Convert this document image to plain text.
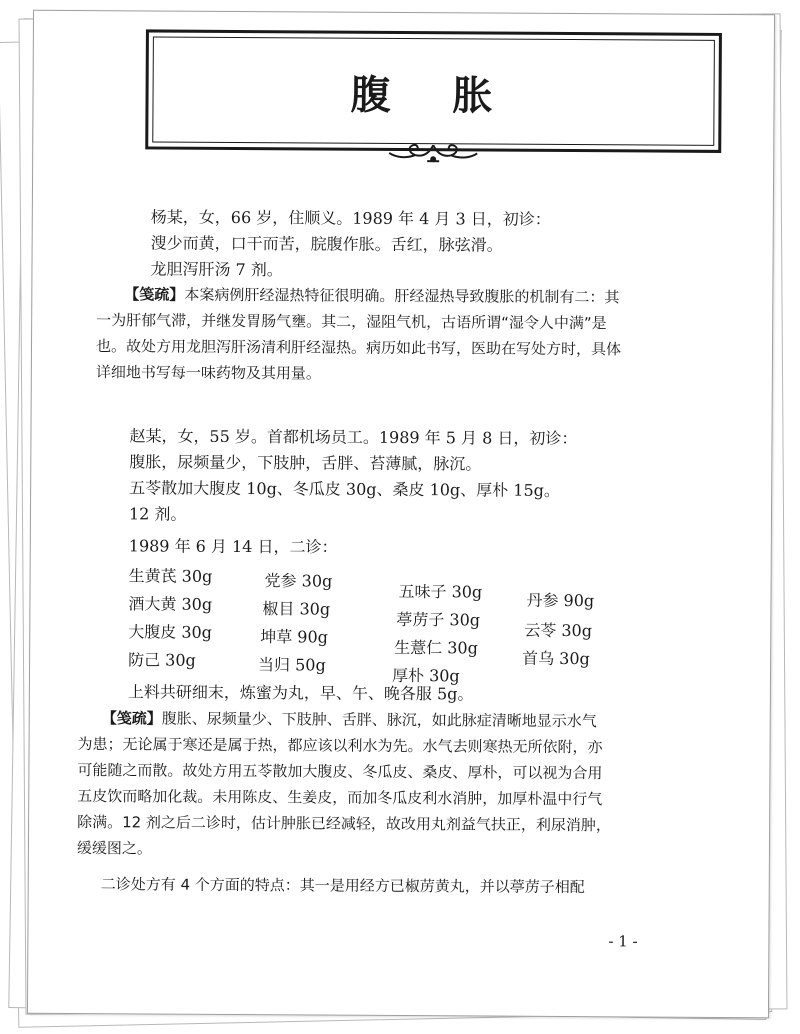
腹 胀
杨某，女，66 岁，住顺义。1989 年 4 月 3 日，初诊：
溲少而黄，口干而苦，脘腹作胀。舌红，脉弦滑。
龙胆泻肝汤 7 剂。
【笺疏】本案病例肝经湿热特征很明确。肝经湿热导致腹胀的机制有二：其
一为肝郁气滞，并继发胃肠气壅。其二，湿阻气机，古语所谓“湿令人中满”是
也。故处方用龙胆泻肝汤清利肝经湿热。病历如此书写，医助在写处方时，具体
详细地书写每一味药物及其用量。
赵某，女，55 岁。首都机场员工。1989 年 5 月 8 日，初诊：
腹胀，尿频量少，下肢肿，舌胖、苔薄腻，脉沉。
五苓散加大腹皮 10g、冬瓜皮 30g、桑皮 10g、厚朴 15g。
12 剂。
1989 年 6 月 14 日，二诊：
生黄芪 30g
酒大黄 30g
大腹皮 30g
防己 30g
党参 30g
椒目 30g
坤草 90g
当归 50g
五味子 30g
葶苈子 30g
生薏仁 30g
厚朴 30g
丹参 90g
云苓 30g
首乌 30g
上料共研细末，炼蜜为丸，早、午、晚各服 5g。
【笺疏】腹胀、尿频量少、下肢肿、舌胖、脉沉，如此脉症清晰地显示水气
为患；无论属于寒还是属于热，都应该以利水为先。水气去则寒热无所依附，亦
可能随之而散。故处方用五苓散加大腹皮、冬瓜皮、桑皮、厚朴，可以视为合用
五皮饮而略加化裁。未用陈皮、生姜皮，而加冬瓜皮利水消肿，加厚朴温中行气
除满。12 剂之后二诊时，估计肿胀已经减轻，故改用丸剂益气扶正，利尿消肿，
缓缓图之。
二诊处方有 4 个方面的特点：其一是用经方已椒苈黄丸，并以葶苈子相配
- 1 -
